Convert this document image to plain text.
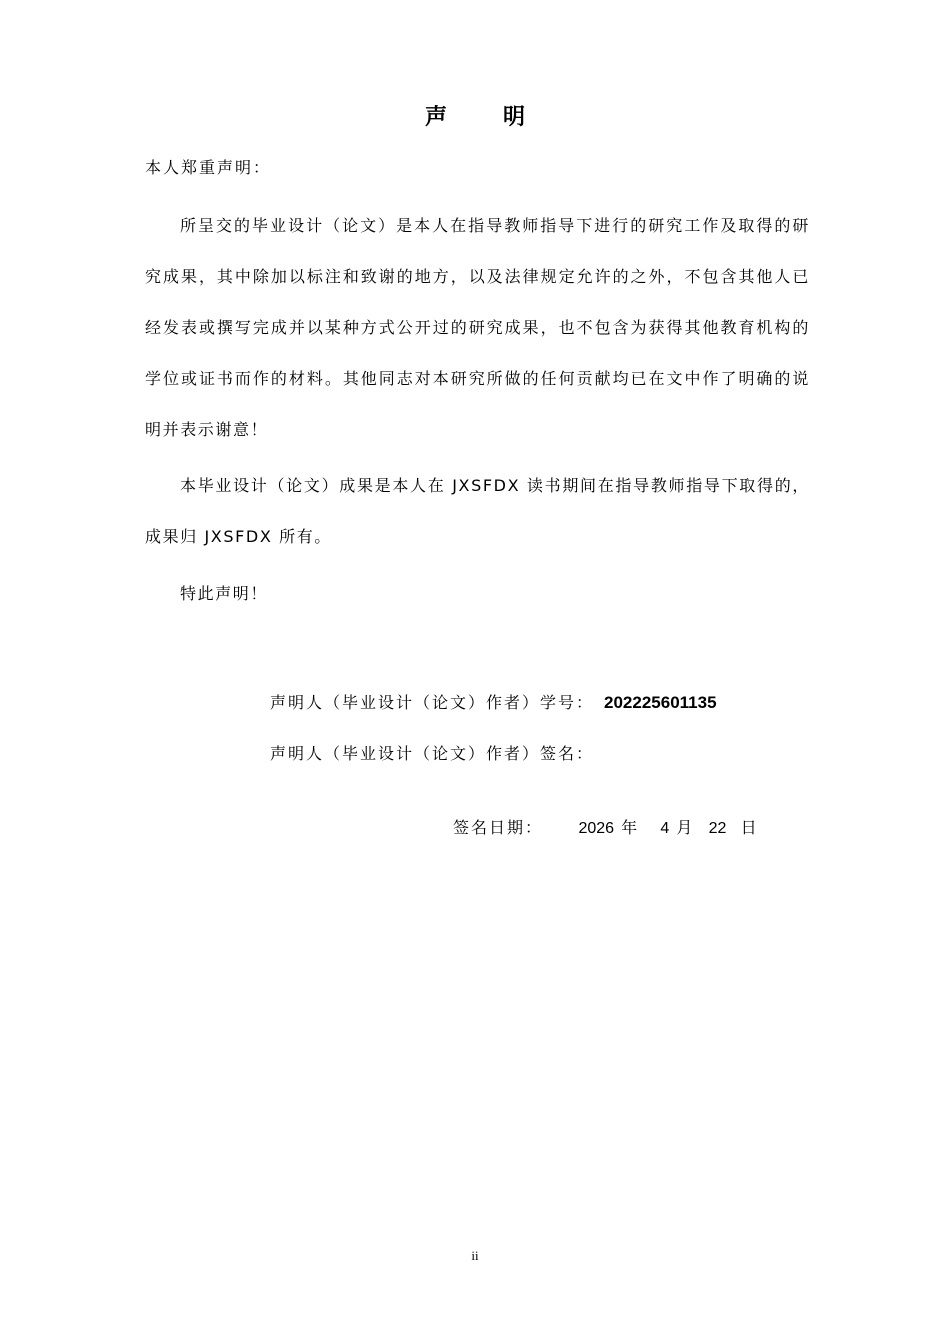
声明
本人郑重声明：
所呈交的毕业设计（论文）是本人在指导教师指导下进行的研究工作及取得的研究成果，其中除加以标注和致谢的地方，以及法律规定允许的之外，不包含其他人已经发表或撰写完成并以某种方式公开过的研究成果，也不包含为获得其他教育机构的学位或证书而作的材料。其他同志对本研究所做的任何贡献均已在文中作了明确的说明并表示谢意！
本毕业设计（论文）成果是本人在 JXSFDX 读书期间在指导教师指导下取得的，成果归 JXSFDX 所有。
特此声明！
声明人（毕业设计（论文）作者）学号： 202225601135
声明人（毕业设计（论文）作者）签名：
签名日期： 2026 年 4 月 22 日
ii
